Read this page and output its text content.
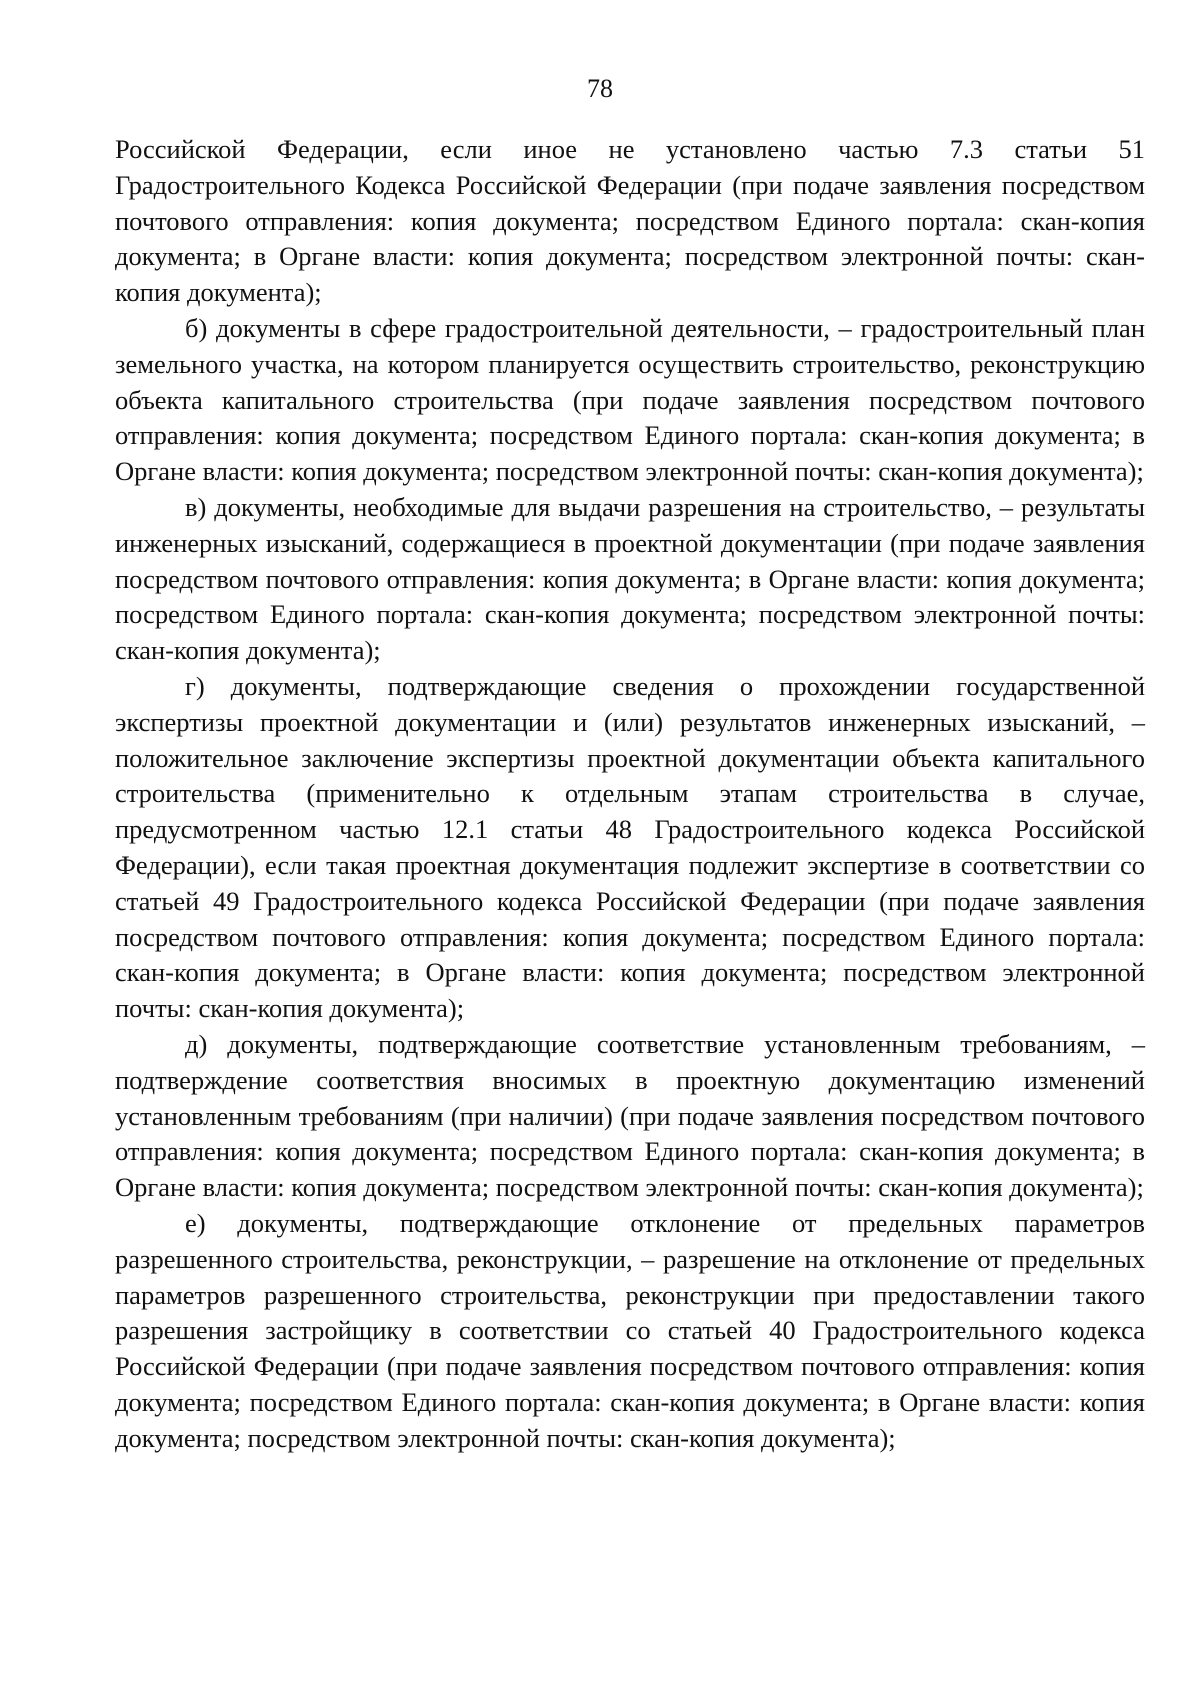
78

Российской Федерации, если иное не установлено частью 7.3 статьи 51 Градостроительного Кодекса Российской Федерации (при подаче заявления посредством почтового отправления: копия документа; посредством Единого портала: скан-копия документа; в Органе власти: копия документа; посредством электронной почты: скан-копия документа);

б) документы в сфере градостроительной деятельности, – градостроительный план земельного участка, на котором планируется осуществить строительство, реконструкцию объекта капитального строительства (при подаче заявления посредством почтового отправления: копия документа; посредством Единого портала: скан-копия документа; в Органе власти: копия документа; посредством электронной почты: скан-копия документа);

в) документы, необходимые для выдачи разрешения на строительство, – результаты инженерных изысканий, содержащиеся в проектной документации (при подаче заявления посредством почтового отправления: копия документа; в Органе власти: копия документа; посредством Единого портала: скан-копия документа; посредством электронной почты: скан-копия документа);

г) документы, подтверждающие сведения о прохождении государственной экспертизы проектной документации и (или) результатов инженерных изысканий, – положительное заключение экспертизы проектной документации объекта капитального строительства (применительно к отдельным этапам строительства в случае, предусмотренном частью 12.1 статьи 48 Градостроительного кодекса Российской Федерации), если такая проектная документация подлежит экспертизе в соответствии со статьей 49 Градостроительного кодекса Российской Федерации (при подаче заявления посредством почтового отправления: копия документа; посредством Единого портала: скан-копия документа; в Органе власти: копия документа; посредством электронной почты: скан-копия документа);

д) документы, подтверждающие соответствие установленным требованиям, – подтверждение соответствия вносимых в проектную документацию изменений установленным требованиям (при наличии) (при подаче заявления посредством почтового отправления: копия документа; посредством Единого портала: скан-копия документа; в Органе власти: копия документа; посредством электронной почты: скан-копия документа);

е) документы, подтверждающие отклонение от предельных параметров разрешенного строительства, реконструкции, – разрешение на отклонение от предельных параметров разрешенного строительства, реконструкции при предоставлении такого разрешения застройщику в соответствии со статьей 40 Градостроительного кодекса Российской Федерации (при подаче заявления посредством почтового отправления: копия документа; посредством Единого портала: скан-копия документа; в Органе власти: копия документа; посредством электронной почты: скан-копия документа);
